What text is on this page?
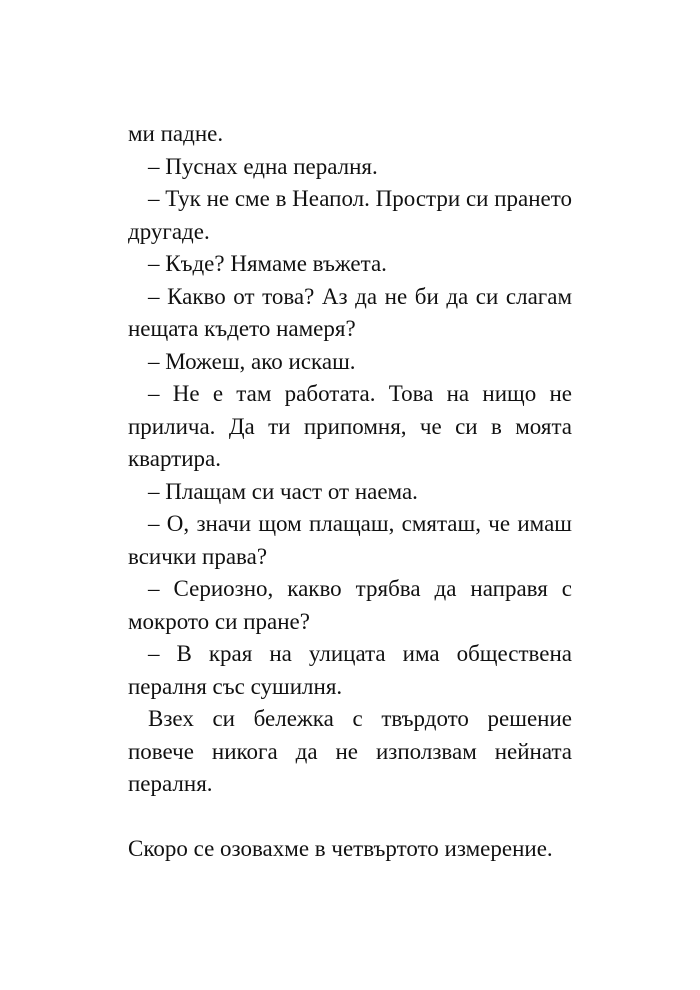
ми падне.

– Пуснах една пералня.

– Тук не сме в Неапол. Простри си прането другаде.

– Къде? Нямаме въжета.

– Какво от това? Аз да не би да си слагам нещата където намеря?

– Можеш, ако искаш.

– Не е там работата. Това на нищо не прилича. Да ти припомня, че си в моята квартира.

– Плащам си част от наема.

– О, значи щом плащаш, смяташ, че имаш всички права?

– Сериозно, какво трябва да направя с мокрото си пране?

– В края на улицата има обществена пералня със сушилня.

Взех си бележка с твърдото решение повече никога да не използвам нейната пералня.

Скоро се озовахме в четвъртото измерение.
